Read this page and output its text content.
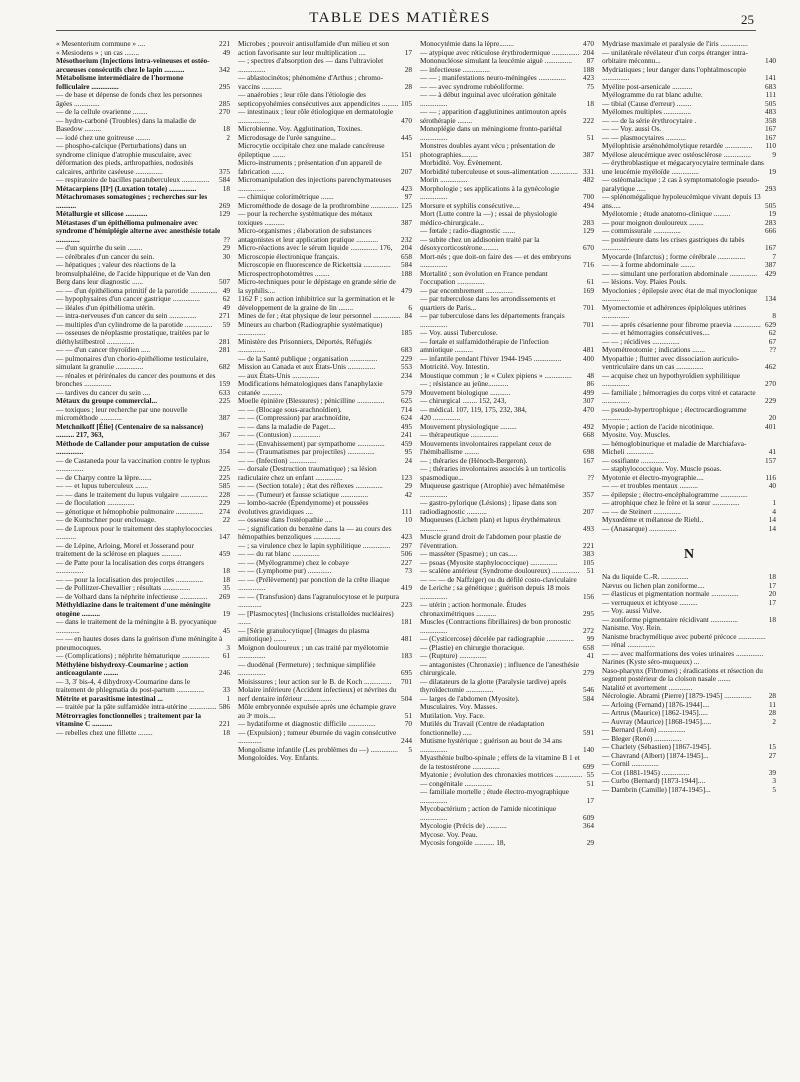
TABLE DES MATIÈRES	25
« Mesenterium commune » ....	221
« Mesiodens » ; un cas ........	49
Mésothorium (Injections intra-veineuses et ostéo-arcueuses consécutifs chez le lapin ...........	342
Métabolisme intermédiaire de l'hormone folliculaire ...............	295
— de base et dépense de fonds chez les personnes âgées ..............	285
— de la cellule ovarienne ........	270
— hydro-carboné (Troubles) dans la maladie de Basedow .........	18
— iodé chez une goitreuse ........	2
— phospho-calcique (Perturbations) dans un syndrome clinique d'atrophie musculaire, avec déformation des pieds, arthropathies, nodosités calcaires, arthrite caséeuse ...............	375
— respiratoire de bacilles paratuberculeux ...............	584
Métacarpiens [IIᵉ] (Luxation totale) ...............	18
Métachromases somatogènes ; recherches sur les ...........	269
Métallurgie et silicose ............	129
Métastases d'un épithélioma pulmonaire avec syndrome d'hémiplégie alterne avec anesthésie totale .............	??
— d'un squirrhe du sein ........	29
— cérébrales d'un cancer du sein.	30
— hépatiques ; valeur des réactions de la bromsulphaléine, de l'acide hippurique et de Van den Berg dans leur diagnostic ......	507
— — d'un épithélioma primitif de la parotide ............... 49
— hypophysaires d'un cancer gastrique ...............	62
— iléales d'un épithélioma utérin.	49
— intra-nerveuses d'un cancer du sein ...............	271
— multiples d'un cylindrome de la parotide ...............	59
— osseuses de néoplasme prostatique, traitées par le diéthylstilbestrol ...............	281
— — d'un cancer thyroïdien .....	281
— pulmonaires d'un chorio-épithéliome testiculaire, simulant la granulie ...............	682
— rénales et périrénales du cancer des poumons et des bronches ...............	159
— tardives du cancer du sein ....	633
Métaux du groupe commercial...	225
— toxiques ; leur recherche par une nouvelle microméthode ............	387
Metchnikoff [Élie] (Centenaire de sa naissance) .......... 217, 363,	367
Méthode de Callander pour amputation de cuisse ...............	354
— de Castaneda pour la vaccination contre le typhus ...............	225
— de Charpy contre la lèpre.......	225
— — et lupus tuberculeux .......	585
— — dans le traitement du lupus vulgaire ...............	228
— de floculation ...............	229
— génotique et hémophobie pulmonaire ...............	274
— de Kuntschner pour enclouage.	22
— de Luproux pour le traitement des staphylococcies ...........	147
— de Lépine, Arloing, Morel et Josserand pour traitement de la sclérose en plaques ...........	459
— de Patte pour la localisation des corps étrangers ...............	18
— — pour la localisation des projectiles ...............	18
— de Pollitzer-Chevallier ; résultats ...............	35
— de Volhard dans la néphrite infectieuse ...............	269
Méthyldiazine dans le traitement d'une méningite otogène ..........	19
— dans le traitement de la méningite à B. pyocyanique .............	45
— — en hautes doses dans la guérison d'une méningite à pneumocoques.	3
— (Complications) ; néphrite hématurique ...............	61
Méthylène bishydroxy-Coumarine ; action anticoagulante ........	246
— 3, 3' bis-4, 4 dihydroxy-Coumarine dans le traitement de phlegmatia du post-partum ...............	33
Métrite et parasitisme intestinal ...	1
— traitée par la pâte sulfamidée intra-utérine ............... 586
Métrorragies fonctionnelles ; traitement par la vitamine C ...........	221
— rebelles chez une fillette ........	18
Microbes ; pouvoir antisulfamide d'un milieu et son action favorisante sur leur multiplication ....	17
— ; spectres d'absorption des — dans l'ultraviolet ...............	28
— ablastocinétos; phénomène d'Arthus ; chromo-vaccins ...........	28
— anaérobies ; leur rôle dans l'étiologie des septicopyohémies consécutives aux appendicites ......... 105
— intestinaux ; leur rôle étiologique en dermatologie .................	470
Microbienne. Voy. Agglutination, Toxines.
Microdosage de l'urée sanguine...	445
Microcytie occipitale chez une malade cancéreuse épileptique .......	151
Micro-instruments ; présentation d'un appareil de fabrication .......	207
Micromanipulation des injections parenchymateuses ...............	423
— chimique colorimétrique .......	97
Microméthode de dosage de la prothrombine ............... 125
— pour la recherche systématique des métaux toxiques ...........	387
Micro-organismes ; élaboration de substances antagonistes et leur application pratique ............	232
Micro-réactions avec le sérum liquide ............... 176,	204
Microscopie électronique français.	658
Microscopie en fluorescence de Rickettsia ...............	584
Microspectrophotomètres ........	188
Micro-techniques pour le dépistage en grande série de la syphilis....	479
1162 F ; son action inhibitrice sur la germination et le développement de la graine de lin ........	6
Mines de fer ; état physique de leur personnel ............... 84
Mineurs au charbon (Radiographie systématique) ...............	185
Ministère des Prisonniers, Déportés, Réfugiés ...............	683
— de la Santé publique ; organisation ...............	229
Mission au Canada et aux États-Unis ...............	553
— aux États-Unis ...............	234
Modifications hématologiques dans l'anaphylaxie cutanée ...........	579
Moelle épinière (Blessures) ; pénicilline ...............	625
— — (Blocage sous-arachnoïdien).	714
— — (Compression) par arachnoïdite,	624
— — dans la maladie de Paget....	495
— — (Contusion) ...............	241
— — (Envahissement) par sympathome ...............	459
— — (Traumatismes par projectiles) ...............	95
— — (Infection) ...............	24
— dorsale (Destruction traumatique) ; sa lésion radiculaire chez un enfant ...............	123
— — (Section totale) ; état des réflexes ...............	29
— — (Tumeur) et fausse sciatique ...............	42
— lombo-sacrée (Épendymome) et poussées évolutives gravidiques ....	111
— osseuse dans l'ostéopathie ....	10
— ; signification du benzène dans la — au cours des hémopathies benzoliques ...............	423
— ; sa virulence chez le lapin syphilitique ...............	297
— — du rat blanc ...............	506
— — (Myélogramme) chez le cobaye	227
— — (Lymphome pur) .............	73
— — (Prélèvement) par ponction de la crête iliaque ...............	419
— — (Transfusion) dans l'agranulocytose et le purpura .............	223
— [Plasmocytes] (Inclusions cristalloïdes nucléaires) .......	181
— [Série granulocytique] (Images du plasma amitotique) .......	481
Moignon douloureux ; un cas traité par myélotomie ...............	183
— duodénal (Fermeture) ; technique simplifiée ...............	695
Moisissures ; leur action sur le B. de Koch ...............	701
Molaire inférieure (Accident infectieux) et névrites du nerf dentaire inférieur ...............	504
Môle embryonnée expulsée après une échampie grave au 3ᵉ mois....	51
— hydatiforme et diagnostic difficile ...............	70
— (Expulsion) ; tumeur éburnée du vagin consécutive .............	244
Mongolisme infantile (Les problèmes du —) ...............	5
Mongoloïdes. Voy. Enfants.
Monocytémie dans la lèpre........	470
— atypique avec réticulose érythrodermique ............... 204
Mononucléose simulant la leucémie aiguë ...............	87
— infectieuse ...............	188
— — ; manifestations neuro-méningées ...............	423
— — avec syndrome rubéoliforme.	75
— — à début inguinal avec ulcération génitale ...............	18
— — ; apparition d'agglutinines antimouton après sérothérapie ........	222
Monoplégie dans un méningiome fronto-pariétal ...............	51
Monstres doubles ayant vécu ; présentation de photographies.........	387
Morbidité. Voy. Évènement.
Morbidité tuberculeuse et sous-alimentation ............... 331
Morin ...............	482
Morphologie ; ses applications à la gynécologie ...............	700
Morsure et syphilis consécutive....	494
Mort (Lutte contre la —) ; essai de physiologie médico-chirurgicale...	283
— fœtale ; radio-diagnostic .......	129
— subite chez un addisonien traité par la désoxycorticostérone.........	670
Mort-nés ; que doit-on faire des — et des embryons ...............	716
Mortalité ; son évolution en France pendant l'occupation ...............	61
— par encombrement ...............	169
— par tuberculose dans les arrondissements et quartiers de Paris...	701
— par tuberculose dans les départements français ...............	701
— Voy. aussi Tuberculose.
— fœtale et sulfamidothérapie de l'infection amniotique ..........	481
— infantile pendant l'hiver 1944-1945 ...............	400
Motricité. Voy. Intestin.
Moustique commun ; le « Culex pipiens » ...............	48
— ; résistance au jeûne...........	86
Mouvement biologique ...........	499
— chirurgical ........ 152, 243,	307
— médical. 107, 119, 175, 232, 384,	470
420 ...............
Mouvement physiologique .........	492
— thérapeutique ...............	668
Mouvements involontaires rappelant ceux de l'hémiballisme ........	698
— ; théraries de (Hénoch-Bergeron).	167
— ; théraries involontaires associés à un torticolis spasmodique...	??
Muqueuse gastrique (Atrophie) avec hématémèse ...............	357
— gastro-pylorique (Lésions) ; lipase dans son radiodiagnostic ...........	207
Muqueuses (Lichen plan) et lupus érythémateux ...............	493
Muscle grand droit de l'abdomen pour plastie de l'éventration.	221
— masséter (Spasme) ; un cas.....	383
— psoas (Myosite staphylococcique) ...............	105
— scalène antérieur (Syndrome douloureux) ...............	51
— — — de Naffziger) ou du défilé costo-claviculaire de Leriche ; sa génétique ; guérison depuis 18 mois ...............	156
— utérin ; action hormonale. Études chronaximétriques ...........	295
Muscles (Contractions fibrillaires) de bon pronostic ...............	272
— (Cysticercose) décelée par radiographie ...............	99
— (Plastie) en chirurgie thoracique.	658
— (Rupture) ...............	41
— antagonistes (Chronaxie) ; influence de l'anesthésie chirurgicale.	279
— dilatateurs de la glotte (Paralysie tardive) après thyroïdectomie ...............	546
— larges de l'abdomen (Myosite).	584
Musculaires. Voy. Masses.
Mutilation. Voy. Face.
Mutilés du Travail (Centre de réadaptation fonctionnelle) .....	591
Mutisme hystérique ; guérison au bout de 34 ans ...............	140
Myasthénie bulbo-spinale ; effets de la vitamine B 1 et de la testostérone ...............	699
Myatonie ; évolution des chronaxies motrices ............... 55
— congénitale ...............	51
— familiale mortelle ; étude électro-myographique ...............	17
Mycobactérium ; action de l'amide nicotinique ...............	609
Mycologie (Précis de) ...........	364
Mycose. Voy. Peau.
Mycosis fongoïde ........... 18,	29
Mydriase maximale et paralysie de l'iris ...............
— unilatérale révélateur d'un corps étranger intra-orbitaire méconnu...	140
Mydriatiques ; leur danger dans l'ophtalmoscopie ...............	141
Myélite post-arsenicale ...........	683
Myélogramme du rat blanc adulte.	111
— tibial (Cause d'erreur) ........	505
Myélomes multiples ...............	483
— — de la série érythrocytaire .	358
— — Voy. aussi Os.	167
— — plasmocytaires ...........	167
Myélophtisie arsénohémolytique retardée ...............	110
Myélose aleucémique avec ostéosclérose ...............	9
— érythroblastique et mégacaryocytaire terminale dans une leucémie myéloïde ...............	19
— ostéomalacique ; 2 cas à symptomatologie pseudo-paralytique .....	293
— splénomégalique hypoleucémique vivant depuis 13 ans.....	505
Myélotomie ; étude anatomo-clinique .........	19
— pour moignon douloureux ........	283
— commissurale ...............	666
— postérieure dans les crises gastriques du tabès ...............	167
Myocarde (Infarctus) ; forme cérébrale ...............	7
— — à forme abdominale ........	387
— — simulant une perforation abdominale ...............	429
— lésions. Voy. Plaies Pouls.
Myoclonies ; épilepsie avec état de mal myoclonique ...............	134
Myomectomie et adhérences épiploïques utérines ...............	8
— — après césarienne pour fibrome praevia ............... 629
— — et hémorragies consécutives....	62
— — ; récidives ...............	67
Myométreotomie ; indications .......	??
Myopathie ; fluttter avec dissociation auriculo-ventriculaire dans un cas ...............	462
— acquise chez un hypothyroïdien syphilitique ...............	270
— familiale ; hémorragies du corps vitré et cataracte ...............	229
— pseudo-hypertrophique ; électrocardiogramme ...............	20
Myopie ; action de l'acide nicotinique.	401
Myosite. Voy. Muscles.
— hémoglobinurique et maladie de Marchiafava-Micheli ...............	41
— ossifiante ...............	157
— staphylococcique. Voy. Muscle psoas.
Myotonie et électro-myographie....	116
— — et troubles mentaux ..........	40
— épilepsie ; électro-encéphalogramme ...............
— atrophique chez le frère et la sœur ...............	1
— — de Steinert ...............	4
Myxœdème et mélanose de Riehl..	14
— (Anasarque) ...............	14
N
Na du liquide C.-R. ...............	18
Nævus ou lichen plan zoniforme....	17
— élasticus et pigmentation normale ...............	20
— verruqueux et ichtyose ..........	17
— Voy. aussi Vulve.
— zoniforme pigmentaire récidivant ...............	18
Nanisme. Voy. Rein.
Nanisme brachymélique avec puberté précoce ...............
— rénal ...............
— — avec malformations des voies urinaires ...............
Narines (Kyste séro-muqueux) ...
Naso-pharynx (Fibromes) ; éradications et résection du segment postérieur de la cloison nasale .......
Natalité et avortement .............
Nécrologie. Abrami (Pierre) [1879-1945] ...............	28
— Arloing (Fernand) [1876-1944]....	11
— Artrus (Maurice) [1862-1945].....	28
— Auvray (Maurice) [1868-1945].....	2
— Bernard (Léon) ...............
— Bleger (René) ...............
— Charlety (Sébastien) [1867-1945].	15
— Chavrand (Albert) [1874-1945]...	27
— Cornil ...............
— Cot (1881-1945) ...............	39
— Curbo (Bernard) [1873-1944]....	3
— Dambrin (Camille) [1874-1945]...	5
